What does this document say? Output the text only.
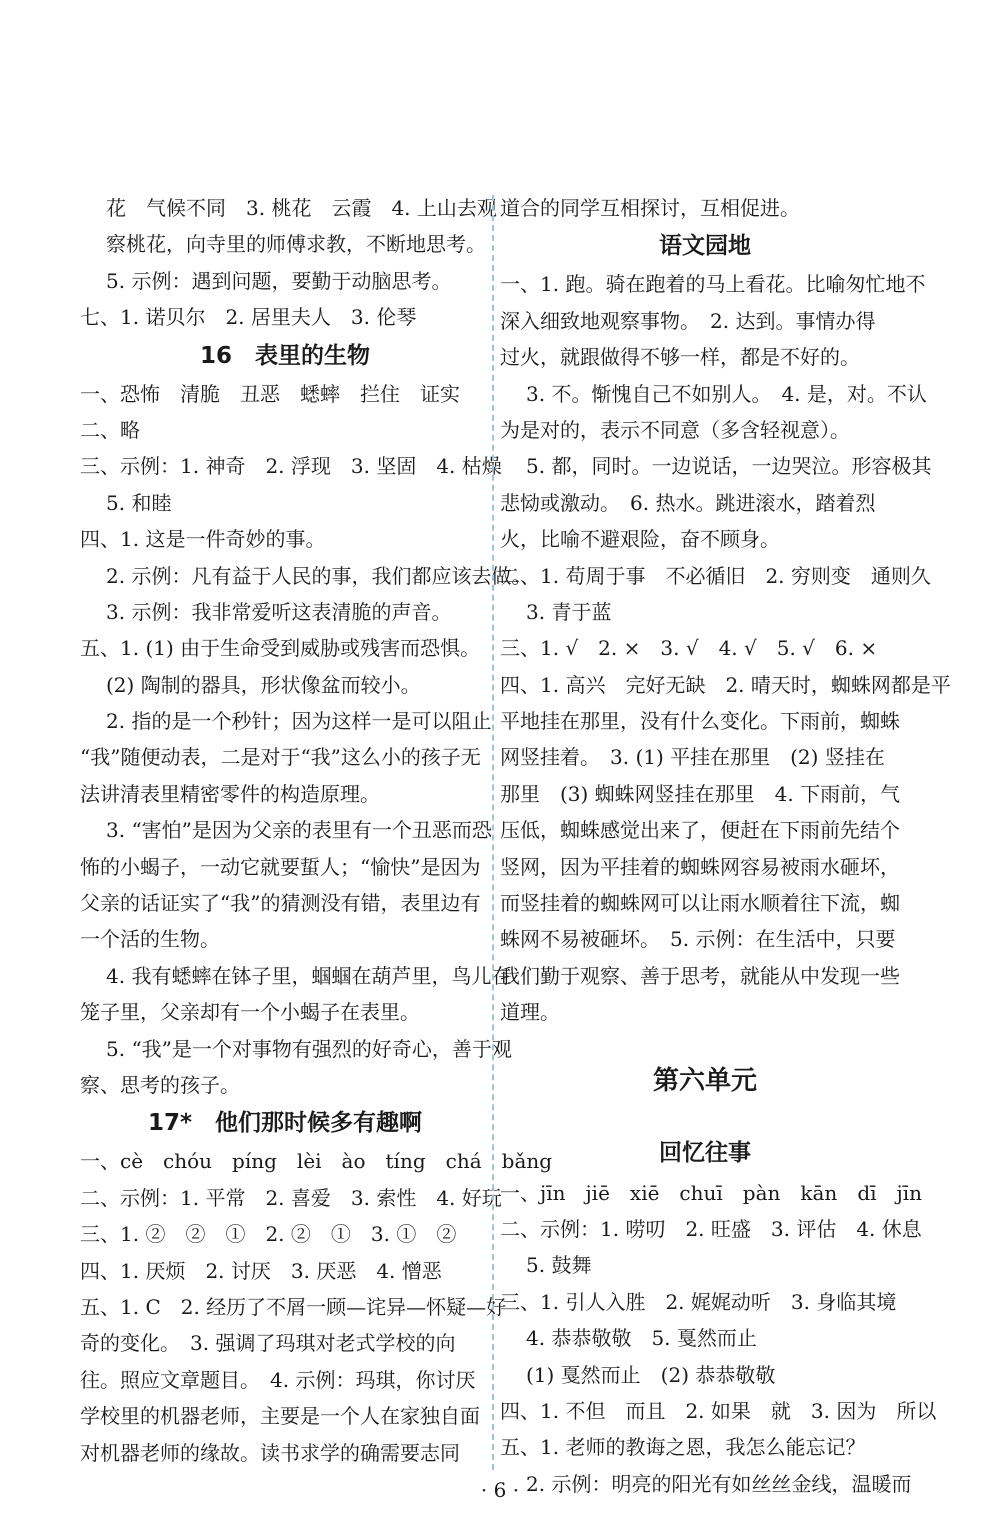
花　气候不同　3. 桃花　云霞　4. 上山去观
察桃花，向寺里的师傅求教，不断地思考。
5. 示例：遇到问题，要勤于动脑思考。
七、1. 诺贝尔　2. 居里夫人　3. 伦琴
16　表里的生物
一、恐怖　清脆　丑恶　蟋蟀　拦住　证实
二、略
三、示例：1. 神奇　2. 浮现　3. 坚固　4. 枯燥
5. 和睦
四、1. 这是一件奇妙的事。
2. 示例：凡有益于人民的事，我们都应该去做。
3. 示例：我非常爱听这表清脆的声音。
五、1. (1) 由于生命受到威胁或残害而恐惧。
(2) 陶制的器具，形状像盆而较小。
2. 指的是一个秒针；因为这样一是可以阻止
“我”随便动表，二是对于“我”这么小的孩子无
法讲清表里精密零件的构造原理。
3. “害怕”是因为父亲的表里有一个丑恶而恐
怖的小蝎子，一动它就要蜇人；“愉快”是因为
父亲的话证实了“我”的猜测没有错，表里边有
一个活的生物。
4. 我有蟋蟀在钵子里，蝈蝈在葫芦里，鸟儿在
笼子里，父亲却有一个小蝎子在表里。
5. “我”是一个对事物有强烈的好奇心，善于观
察、思考的孩子。
17*　他们那时候多有趣啊
一、cè　chóu　píng　lèi　ào　tíng　chá　bǎng
二、示例：1. 平常　2. 喜爱　3. 索性　4. 好玩
三、1. ②　②　①　2. ②　①　3. ①　②
四、1. 厌烦　2. 讨厌　3. 厌恶　4. 憎恶
五、1. C　2. 经历了不屑一顾—诧异—怀疑—好
奇的变化。　3. 强调了玛琪对老式学校的向
往。照应文章题目。　4. 示例：玛琪，你讨厌
学校里的机器老师，主要是一个人在家独自面
对机器老师的缘故。读书求学的确需要志同
道合的同学互相探讨，互相促进。
语文园地
一、1. 跑。骑在跑着的马上看花。比喻匆忙地不
深入细致地观察事物。　2. 达到。事情办得
过火，就跟做得不够一样，都是不好的。
3. 不。惭愧自己不如别人。　4. 是，对。不认
为是对的，表示不同意（多含轻视意）。
5. 都，同时。一边说话，一边哭泣。形容极其
悲恸或激动。　6. 热水。跳进滚水，踏着烈
火，比喻不避艰险，奋不顾身。
二、1. 苟周于事　不必循旧　2. 穷则变　通则久
3. 青于蓝
三、1. √　2. ×　3. √　4. √　5. √　6. ×
四、1. 高兴　完好无缺　2. 晴天时，蜘蛛网都是平
平地挂在那里，没有什么变化。下雨前，蜘蛛
网竖挂着。　3. (1) 平挂在那里　(2) 竖挂在
那里　(3) 蜘蛛网竖挂在那里　4. 下雨前，气
压低，蜘蛛感觉出来了，便赶在下雨前先结个
竖网，因为平挂着的蜘蛛网容易被雨水砸坏，
而竖挂着的蜘蛛网可以让雨水顺着往下流，蜘
蛛网不易被砸坏。　5. 示例：在生活中，只要
我们勤于观察、善于思考，就能从中发现一些
道理。
第六单元
回忆往事
一、jīn　jiē　xiē　chuī　pàn　kān　dī　jīn
二、示例：1. 唠叨　2. 旺盛　3. 评估　4. 休息
5. 鼓舞
三、1. 引人入胜　2. 娓娓动听　3. 身临其境
4. 恭恭敬敬　5. 戛然而止
(1) 戛然而止　(2) 恭恭敬敬
四、1. 不但　而且　2. 如果　就　3. 因为　所以
五、1. 老师的教诲之恩，我怎么能忘记？
2. 示例：明亮的阳光有如丝丝金线，温暖而
· 6 ·
